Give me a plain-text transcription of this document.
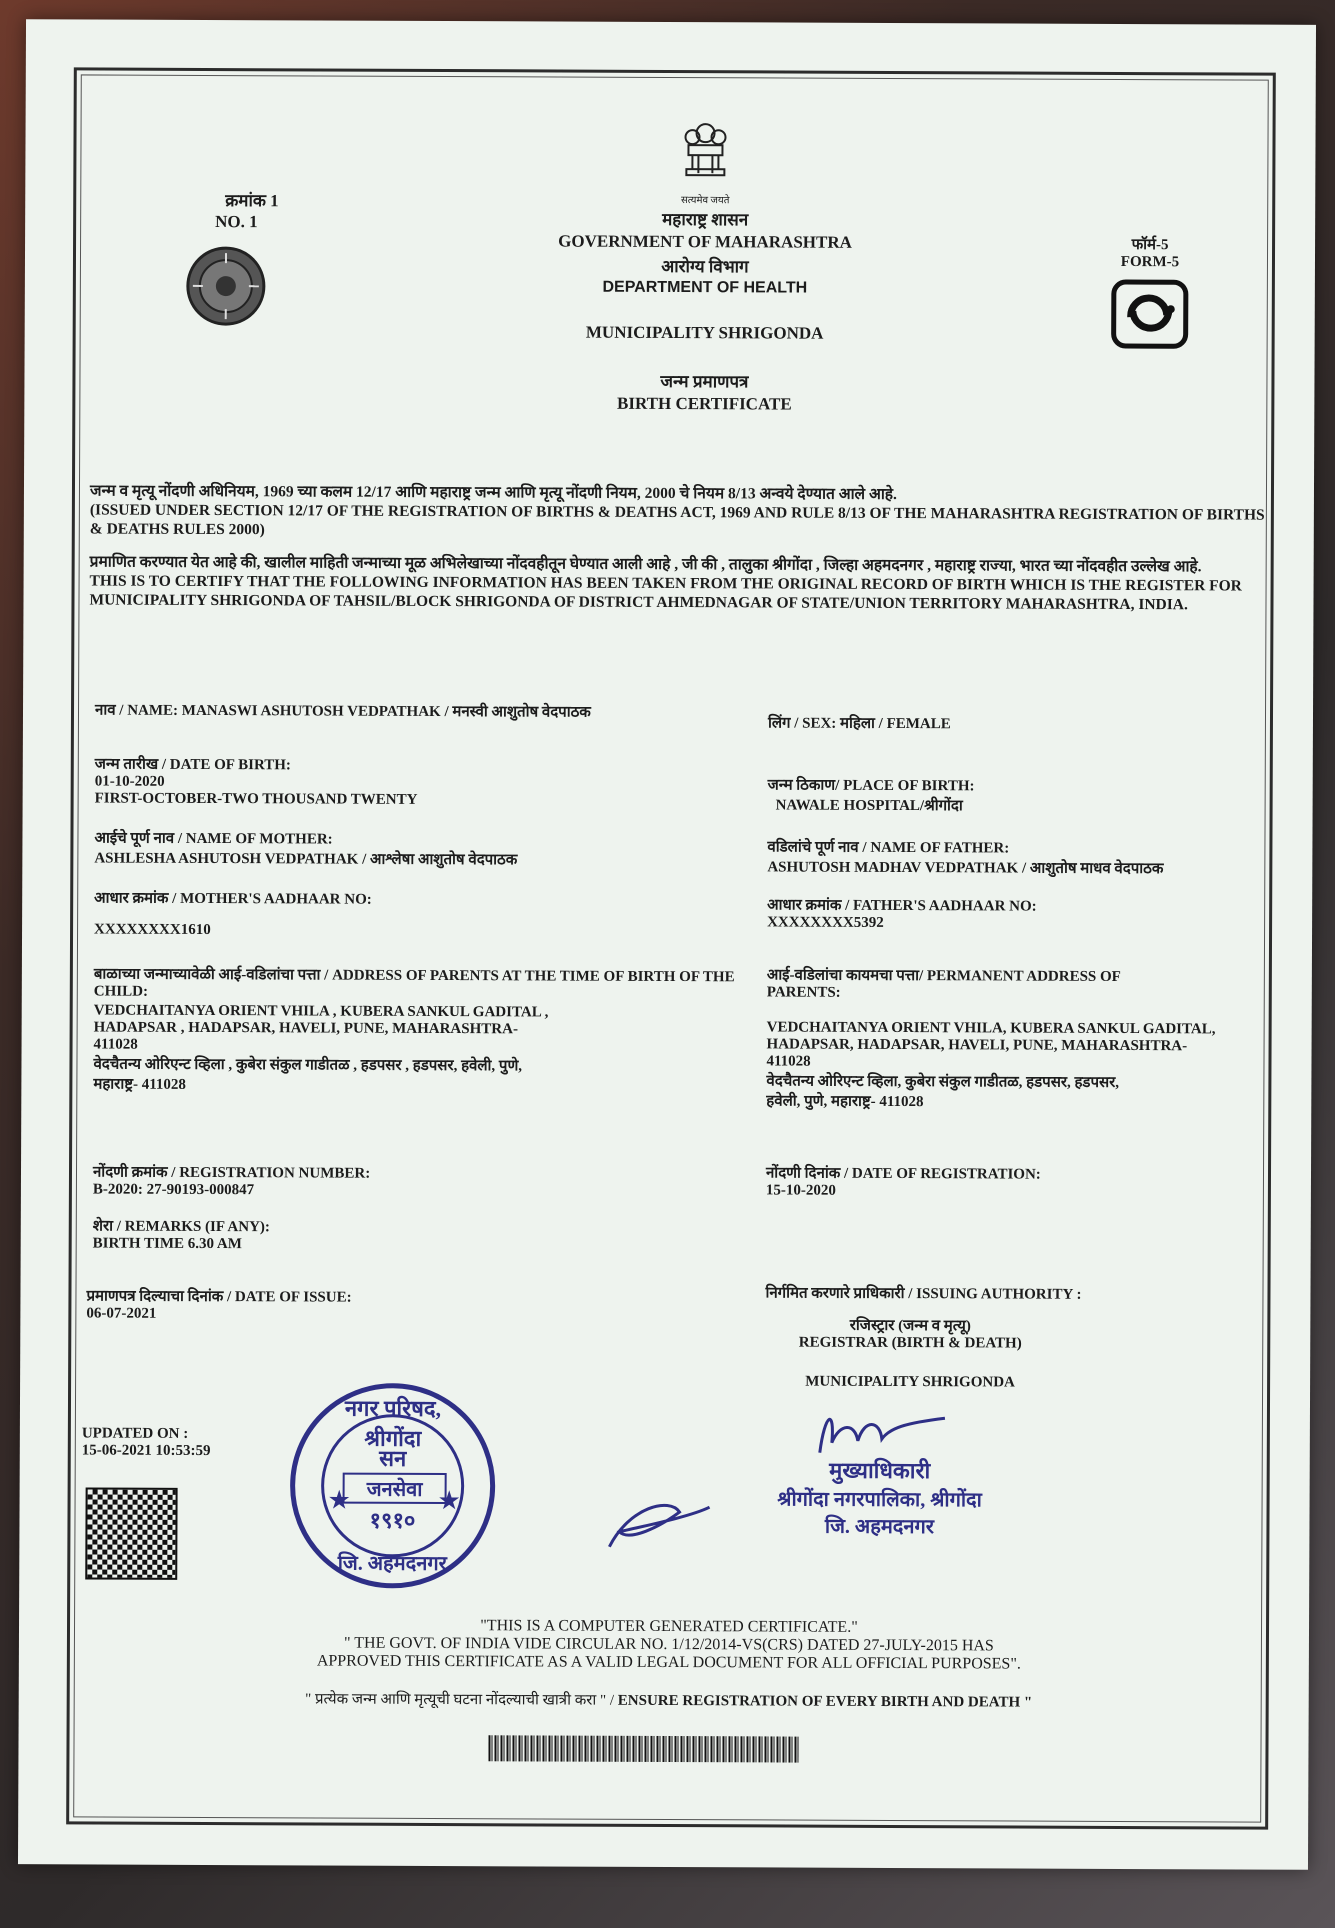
सत्यमेव जयते
क्रमांक 1
NO. 1	महाराष्ट्र शासन
GOVERNMENT OF MAHARASHTRA
आरोग्य विभाग
DEPARTMENT OF HEALTH
MUNICIPALITY SHRIGONDA
जन्म प्रमाणपत्र
BIRTH CERTIFICATE
फॉर्म-5
FORM-5
जन्म व मृत्यू नोंदणी अधिनियम, 1969 च्या कलम 12/17 आणि महाराष्ट्र जन्म आणि मृत्यू नोंदणी नियम, 2000 चे नियम 8/13 अन्वये देण्यात आले आहे.
(ISSUED UNDER SECTION 12/17 OF THE REGISTRATION OF BIRTHS & DEATHS ACT, 1969 AND RULE 8/13 OF THE MAHARASHTRA REGISTRATION OF BIRTHS & DEATHS RULES 2000)
प्रमाणित करण्यात येत आहे की, खालील माहिती जन्माच्या मूळ अभिलेखाच्या नोंदवहीतून घेण्यात आली आहे , जी की , तालुका श्रीगोंदा , जिल्हा अहमदनगर , महाराष्ट्र राज्या, भारत च्या नोंदवहीत उल्लेख आहे.
THIS IS TO CERTIFY THAT THE FOLLOWING INFORMATION HAS BEEN TAKEN FROM THE ORIGINAL RECORD OF BIRTH WHICH IS THE REGISTER FOR MUNICIPALITY SHRIGONDA OF TAHSIL/BLOCK SHRIGONDA OF DISTRICT AHMEDNAGAR OF STATE/UNION TERRITORY MAHARASHTRA, INDIA.
नाव / NAME: MANASWI ASHUTOSH VEDPATHAK / मनस्वी आशुतोष वेदपाठक
जन्म तारीख / DATE OF BIRTH:
01-10-2020
FIRST-OCTOBER-TWO THOUSAND TWENTY
आईचे पूर्ण नाव / NAME OF MOTHER:
ASHLESHA ASHUTOSH VEDPATHAK / आश्लेषा आशुतोष वेदपाठक
आधार क्रमांक / MOTHER'S AADHAAR NO:
XXXXXXXX1610
बाळाच्या जन्माच्यावेळी आई-वडिलांचा पत्ता / ADDRESS OF PARENTS AT THE TIME OF BIRTH OF THE CHILD:
VEDCHAITANYA ORIENT VHILA , KUBERA SANKUL GADITAL , HADAPSAR , HADAPSAR, HAVELI, PUNE, MAHARASHTRA- 411028
वेदचैतन्य ओरिएन्ट व्हिला , कुबेरा संकुल गाडीतळ , हडपसर , हडपसर, हवेली, पुणे, महाराष्ट्र- 411028
नोंदणी क्रमांक / REGISTRATION NUMBER:
B-2020: 27-90193-000847
शेरा / REMARKS (IF ANY):
BIRTH TIME 6.30 AM
प्रमाणपत्र दिल्याचा दिनांक / DATE OF ISSUE:
06-07-2021
लिंग / SEX: महिला / FEMALE
जन्म ठिकाण/ PLACE OF BIRTH:
NAWALE HOSPITAL/श्रीगोंदा
वडिलांचे पूर्ण नाव / NAME OF FATHER:
ASHUTOSH MADHAV VEDPATHAK / आशुतोष माधव वेदपाठक
आधार क्रमांक / FATHER'S AADHAAR NO:
XXXXXXXX5392
आई-वडिलांचा कायमचा पत्ता/ PERMANENT ADDRESS OF PARENTS:
VEDCHAITANYA ORIENT VHILA, KUBERA SANKUL GADITAL, HADAPSAR, HADAPSAR, HAVELI, PUNE, MAHARASHTRA- 411028
वेदचैतन्य ओरिएन्ट व्हिला, कुबेरा संकुल गाडीतळ, हडपसर, हडपसर, हवेली, पुणे, महाराष्ट्र- 411028
नोंदणी दिनांक / DATE OF REGISTRATION:
15-10-2020
निर्गमित करणारे प्राधिकारी / ISSUING AUTHORITY :
रजिस्ट्रार (जन्म व मृत्यू)
REGISTRAR (BIRTH & DEATH)
MUNICIPALITY SHRIGONDA
UPDATED ON :
15-06-2021 10:53:59
★	★
नगर परिषद, श्रीगोंदा
सन
जनसेवा
१९१०
जि. अहमदनगर
मुख्याधिकारी
श्रीगोंदा नगरपालिका, श्रीगोंदा
जि. अहमदनगर
"THIS IS A COMPUTER GENERATED CERTIFICATE."
" THE GOVT. OF INDIA VIDE CIRCULAR NO. 1/12/2014-VS(CRS) DATED 27-JULY-2015 HAS
APPROVED THIS CERTIFICATE AS A VALID LEGAL DOCUMENT FOR ALL OFFICIAL PURPOSES".
" प्रत्येक जन्म आणि मृत्यूची घटना नोंदल्याची खात्री करा " / ENSURE REGISTRATION OF EVERY BIRTH AND DEATH "
